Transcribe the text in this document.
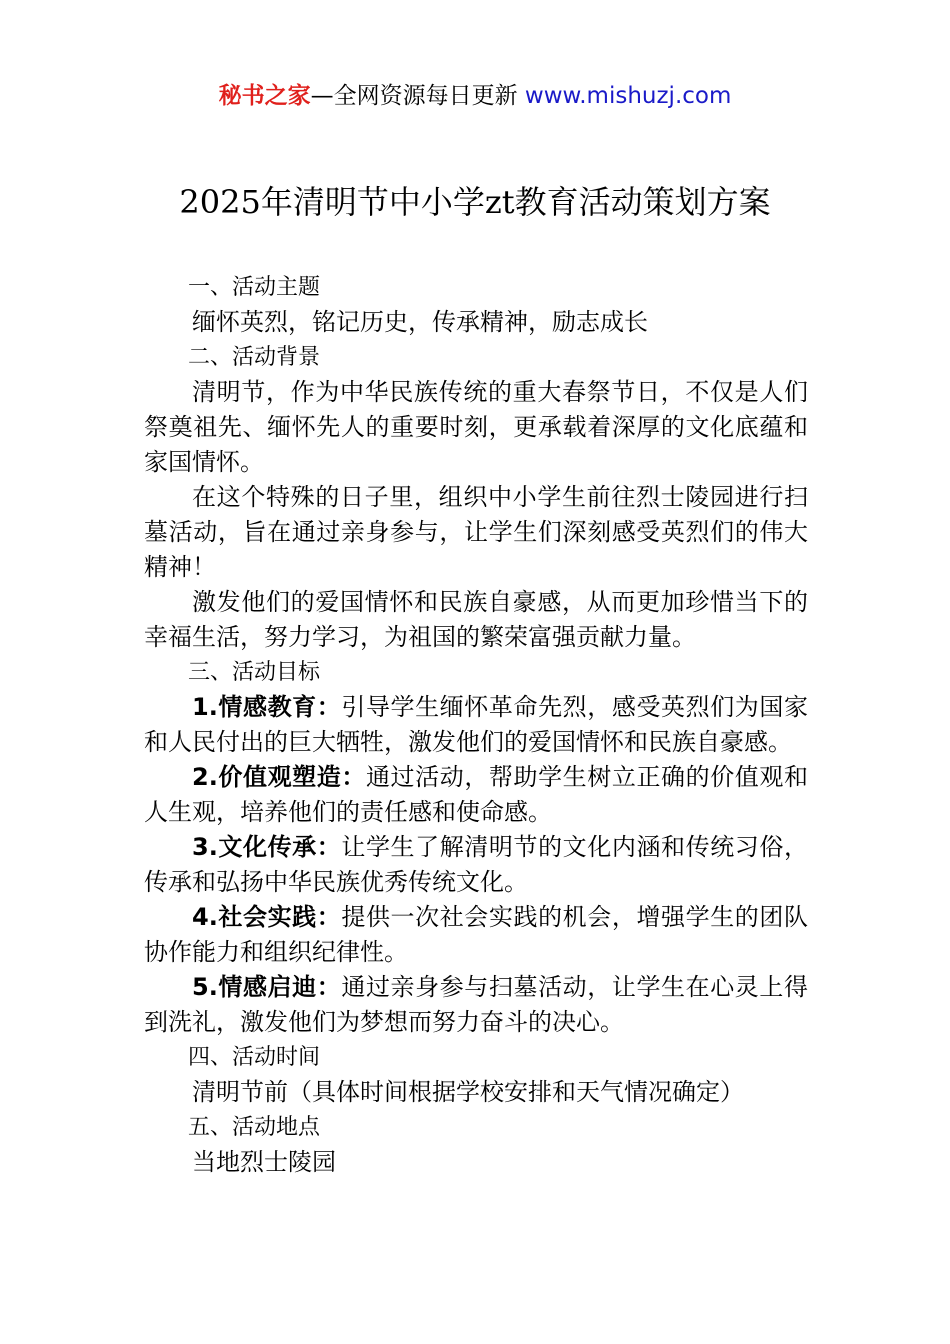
秘书之家—全网资源每日更新 www.mishuzj.com
2025年清明节中小学zt教育活动策划方案

一、活动主题

缅怀英烈，铭记历史，传承精神，励志成长

二、活动背景

清明节，作为中华民族传统的重大春祭节日，不仅是人们祭奠祖先、缅怀先人的重要时刻，更承载着深厚的文化底蕴和家国情怀。

在这个特殊的日子里，组织中小学生前往烈士陵园进行扫墓活动，旨在通过亲身参与，让学生们深刻感受英烈们的伟大精神！

激发他们的爱国情怀和民族自豪感，从而更加珍惜当下的幸福生活，努力学习，为祖国的繁荣富强贡献力量。

三、活动目标

1.情感教育：引导学生缅怀革命先烈，感受英烈们为国家和人民付出的巨大牺牲，激发他们的爱国情怀和民族自豪感。

2.价值观塑造：通过活动，帮助学生树立正确的价值观和人生观，培养他们的责任感和使命感。

3.文化传承：让学生了解清明节的文化内涵和传统习俗，传承和弘扬中华民族优秀传统文化。

4.社会实践：提供一次社会实践的机会，增强学生的团队协作能力和组织纪律性。

5.情感启迪：通过亲身参与扫墓活动，让学生在心灵上得到洗礼，激发他们为梦想而努力奋斗的决心。

四、活动时间

清明节前（具体时间根据学校安排和天气情况确定）

五、活动地点

当地烈士陵园
